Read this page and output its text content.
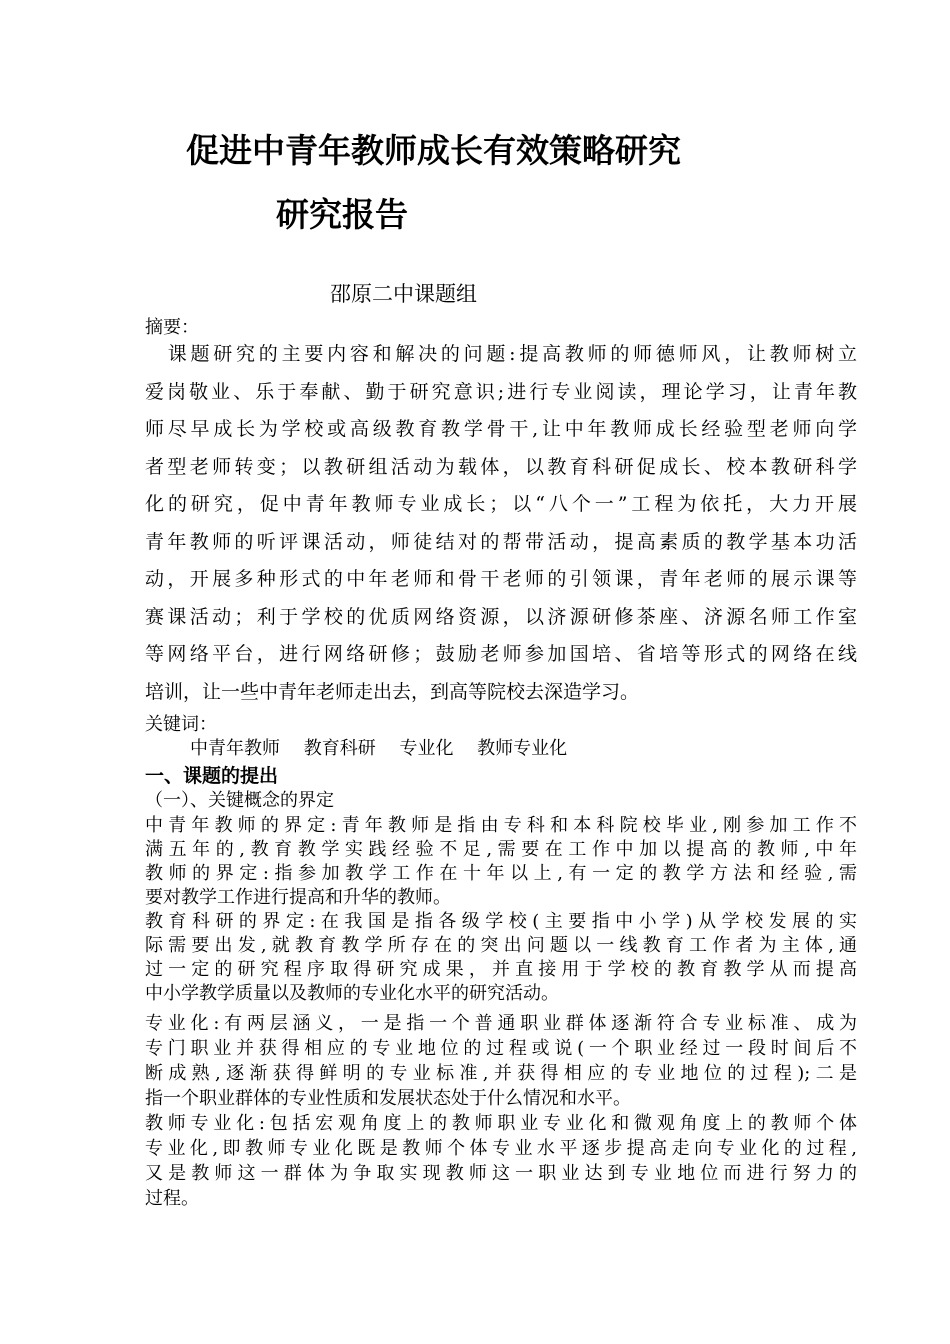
促进中青年教师成长有效策略研究
研究报告
邵原二中课题组
摘要：
　课题研究的主要内容和解决的问题:提高教师的师德师风，让教师树立
爱岗敬业、乐于奉献、勤于研究意识;进行专业阅读，理论学习，让青年教
师尽早成长为学校或高级教育教学骨干,让中年教师成长经验型老师向学
者型老师转变；以教研组活动为载体，以教育科研促成长、校本教研科学
化的研究，促中青年教师专业成长；以“八个一”工程为依托，大力开展
青年教师的听评课活动，师徒结对的帮带活动，提高素质的教学基本功活
动，开展多种形式的中年老师和骨干老师的引领课，青年老师的展示课等
赛课活动；利于学校的优质网络资源，以济源研修茶座、济源名师工作室
等网络平台，进行网络研修；鼓励老师参加国培、省培等形式的网络在线
培训，让一些中青年老师走出去，到高等院校去深造学习。
关键词：
中青年教师　 教育科研　 专业化　 教师专业化
一、课题的提出
（一）、关键概念的界定
中青年教师的界定:青年教师是指由专科和本科院校毕业,刚参加工作不
满五年的,教育教学实践经验不足,需要在工作中加以提高的教师,中年
教师的界定:指参加教学工作在十年以上,有一定的教学方法和经验,需
要对教学工作进行提高和升华的教师。
教育科研的界定:在我国是指各级学校(主要指中小学)从学校发展的实
际需要出发,就教育教学所存在的突出问题以一线教育工作者为主体,通
过一定的研究程序取得研究成果，并直接用于学校的教育教学从而提高
中小学教学质量以及教师的专业化水平的研究活动。
专业化:有两层涵义，一是指一个普通职业群体逐渐符合专业标准、成为
专门职业并获得相应的专业地位的过程或说(一个职业经过一段时间后不
断成熟,逐渐获得鲜明的专业标准,并获得相应的专业地位的过程);二是
指一个职业群体的专业性质和发展状态处于什么情况和水平。
教师专业化:包括宏观角度上的教师职业专业化和微观角度上的教师个体
专业化,即教师专业化既是教师个体专业水平逐步提高走向专业化的过程,
又是教师这一群体为争取实现教师这一职业达到专业地位而进行努力的
过程。
